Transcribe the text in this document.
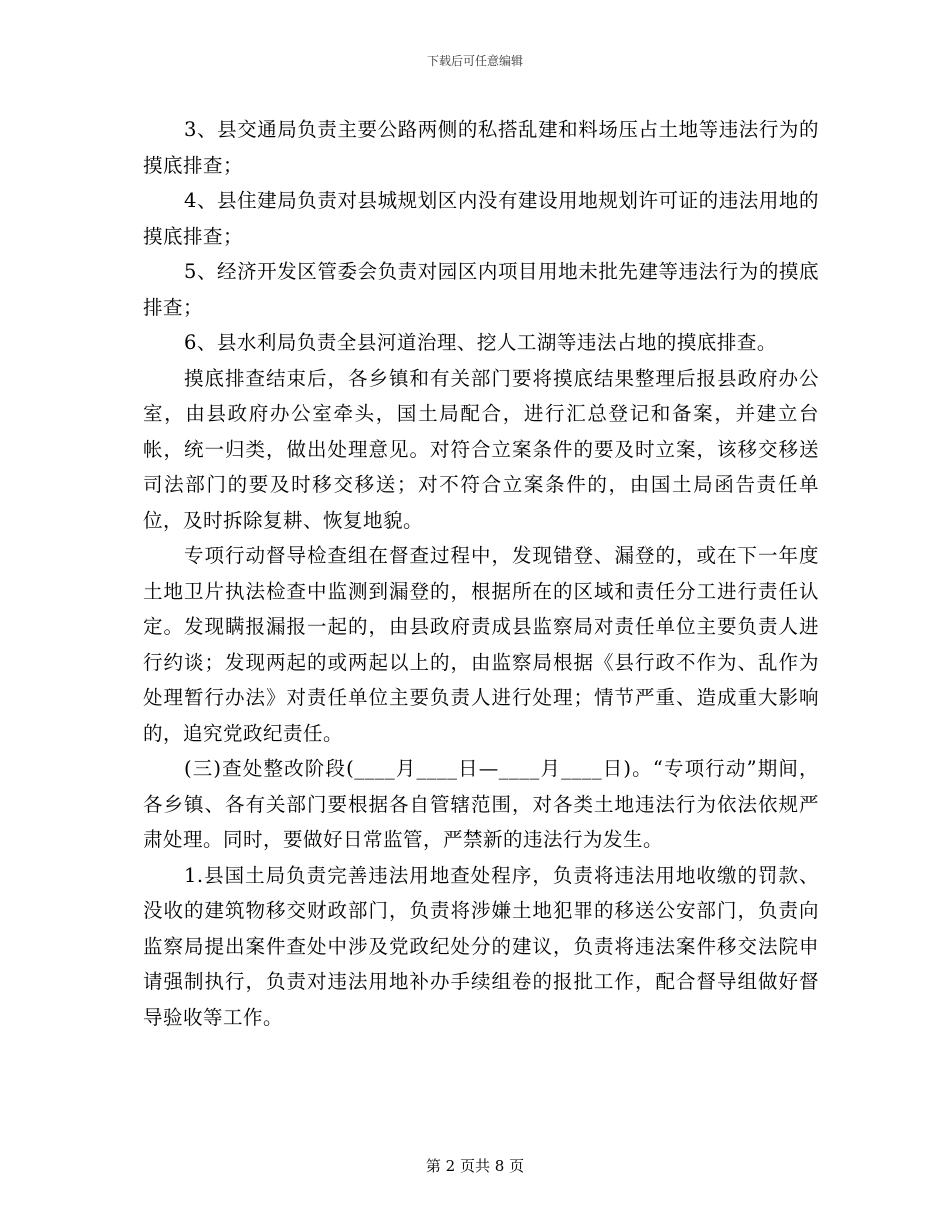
下载后可任意编辑

3、县交通局负责主要公路两侧的私搭乱建和料场压占土地等违法行为的摸底排查；

4、县住建局负责对县城规划区内没有建设用地规划许可证的违法用地的摸底排查；

5、经济开发区管委会负责对园区内项目用地未批先建等违法行为的摸底排查；

6、县水利局负责全县河道治理、挖人工湖等违法占地的摸底排查。

摸底排查结束后，各乡镇和有关部门要将摸底结果整理后报县政府办公室，由县政府办公室牵头，国土局配合，进行汇总登记和备案，并建立台帐，统一归类，做出处理意见。对符合立案条件的要及时立案，该移交移送司法部门的要及时移交移送；对不符合立案条件的，由国土局函告责任单位，及时拆除复耕、恢复地貌。

专项行动督导检查组在督查过程中，发现错登、漏登的，或在下一年度土地卫片执法检查中监测到漏登的，根据所在的区域和责任分工进行责任认定。发现瞒报漏报一起的，由县政府责成县监察局对责任单位主要负责人进行约谈；发现两起的或两起以上的，由监察局根据《县行政不作为、乱作为处理暂行办法》对责任单位主要负责人进行处理；情节严重、造成重大影响的，追究党政纪责任。

(三)查处整改阶段(____月____日—____月____日)。“专项行动”期间，各乡镇、各有关部门要根据各自管辖范围，对各类土地违法行为依法依规严肃处理。同时，要做好日常监管，严禁新的违法行为发生。

1.县国土局负责完善违法用地查处程序，负责将违法用地收缴的罚款、没收的建筑物移交财政部门，负责将涉嫌土地犯罪的移送公安部门，负责向监察局提出案件查处中涉及党政纪处分的建议，负责将违法案件移交法院申请强制执行，负责对违法用地补办手续组卷的报批工作，配合督导组做好督导验收等工作。

第 2 页共 8 页
